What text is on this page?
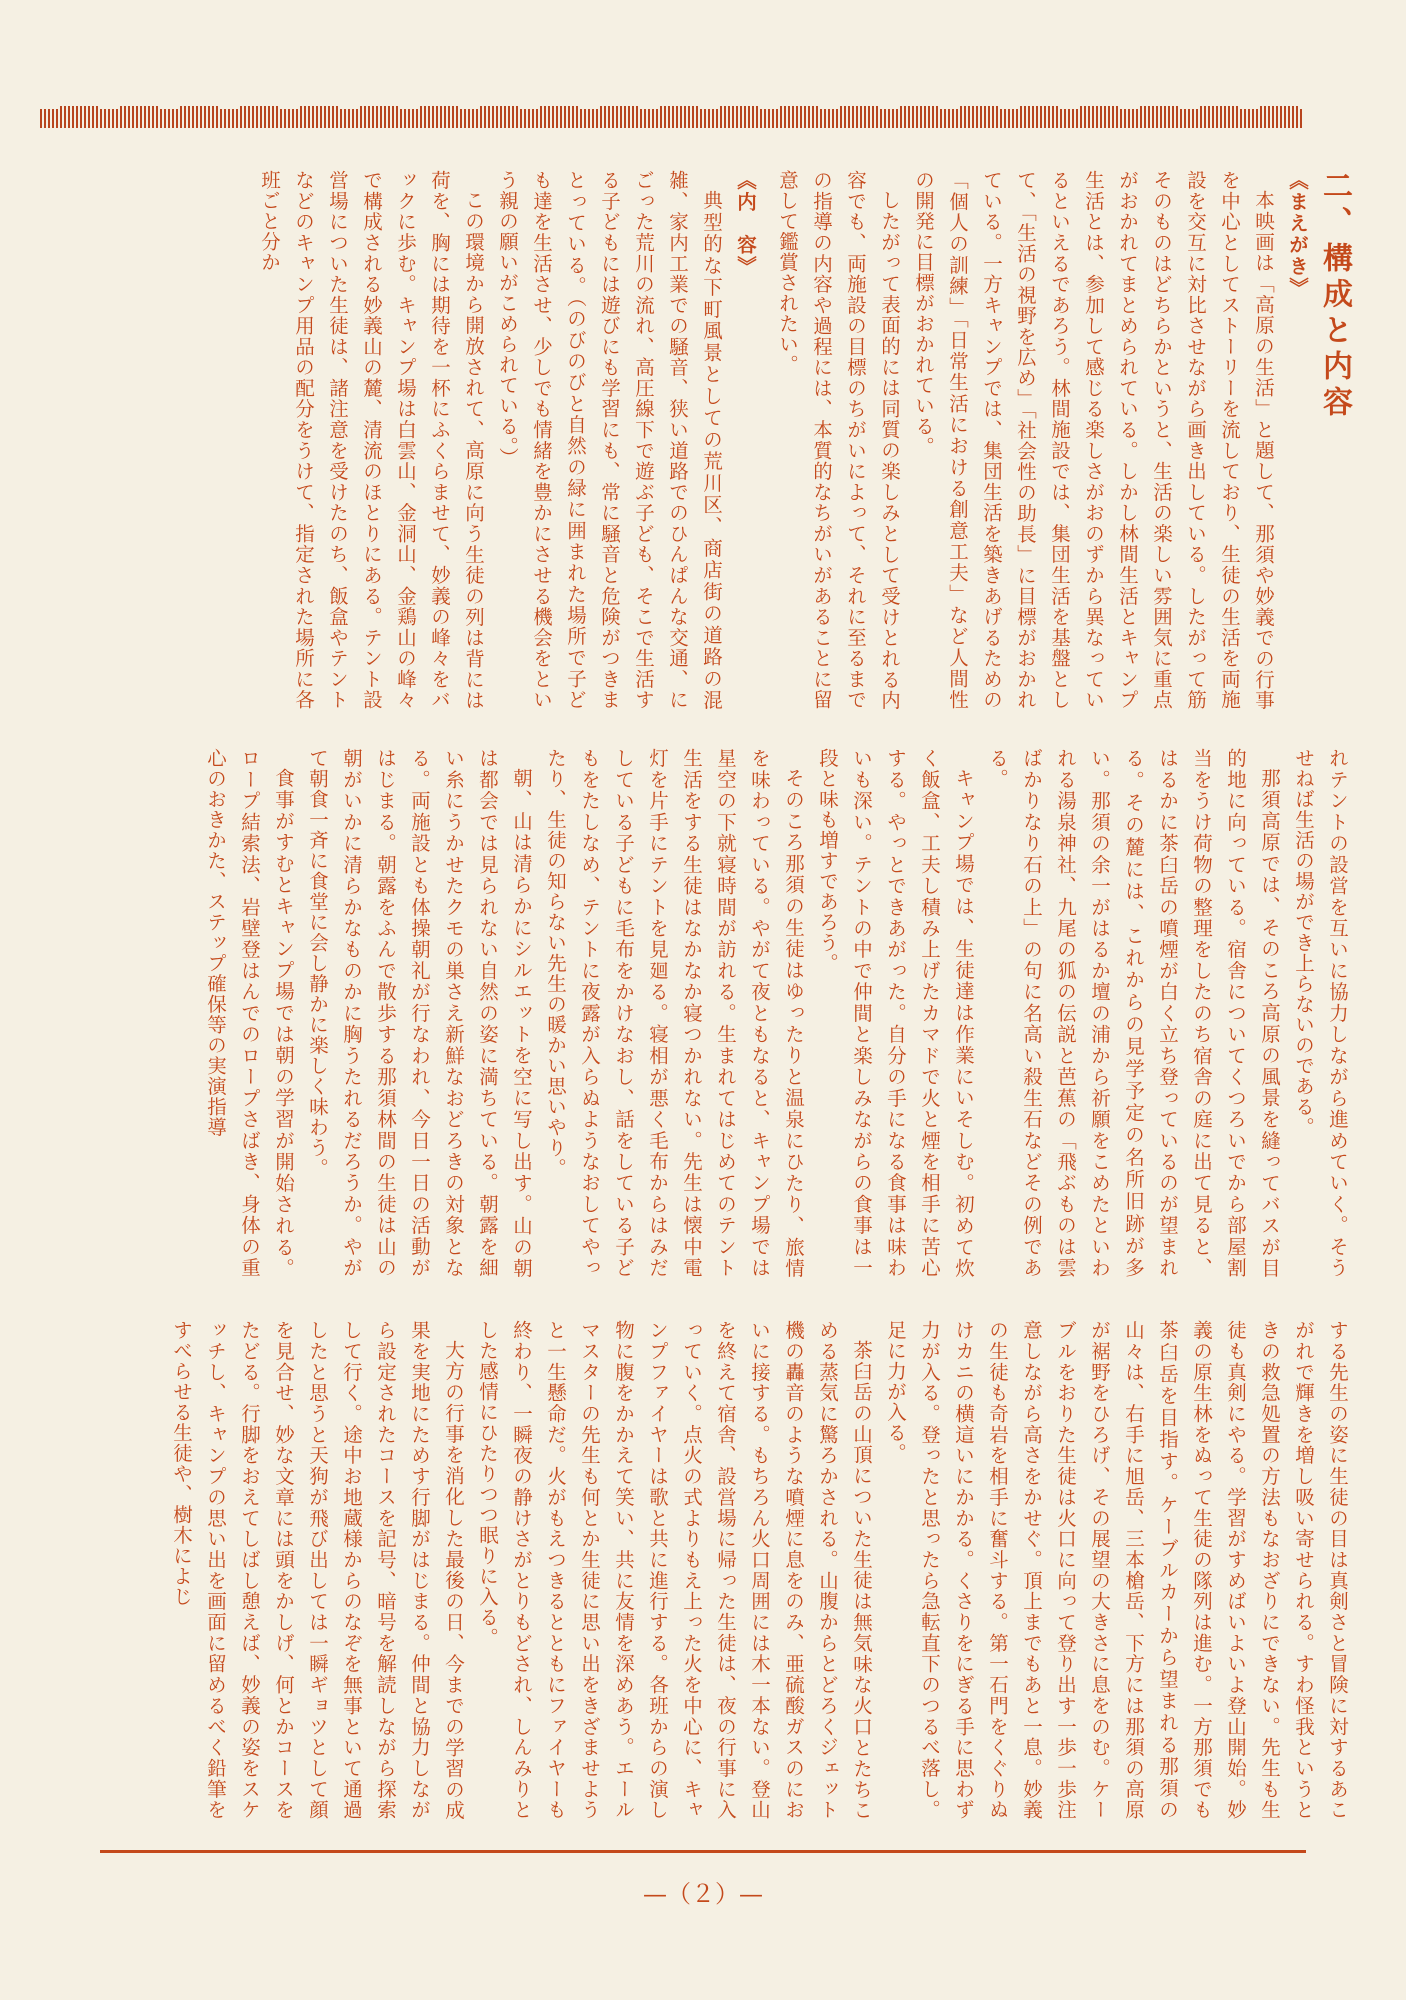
二、構成と内容

《まえがき》

本映画は「高原の生活」と題して、那須や妙義での行事を中心としてストーリーを流しており、生徒の生活を両施設を交互に対比させながら画き出している。したがって筋そのものはどちらかというと、生活の楽しい雰囲気に重点がおかれてまとめられている。しかし林間生活とキャンプ生活とは、参加して感じる楽しさがおのずから異なっているといえるであろう。林間施設では、集団生活を基盤として、「生活の視野を広め」「社会性の助長」に目標がおかれている。一方キャンプでは、集団生活を築きあげるための「個人の訓練」「日常生活における創意工夫」など人間性の開発に目標がおかれている。

したがって表面的には同質の楽しみとして受けとれる内容でも、両施設の目標のちがいによって、それに至るまでの指導の内容や過程には、本質的なちがいがあることに留意して鑑賞されたい。

《内　容》

典型的な下町風景としての荒川区、商店街の道路の混雑、家内工業での騒音、狭い道路でのひんぱんな交通、にごった荒川の流れ、高圧線下で遊ぶ子ども、そこで生活する子どもには遊びにも学習にも、常に騒音と危険がつきまとっている。（のびのびと自然の緑に囲まれた場所で子ども達を生活させ、少しでも情緒を豊かにさせる機会をという親の願いがこめられている。）

この環境から開放されて、高原に向う生徒の列は背には荷を、胸には期待を一杯にふくらませて、妙義の峰々をバックに歩む。キャンプ場は白雲山、金洞山、金鶏山の峰々で構成される妙義山の麓、清流のほとりにある。テント設営場についた生徒は、諸注意を受けたのち、飯盒やテントなどのキャンプ用品の配分をうけて、指定された場所に各班ごと分か

れテントの設営を互いに協力しながら進めていく。そうせねば生活の場ができ上らないのである。

那須高原では、そのころ高原の風景を縫ってバスが目的地に向っている。宿舎についてくつろいでから部屋割当をうけ荷物の整理をしたのち宿舎の庭に出て見ると、はるかに茶臼岳の噴煙が白く立ち登っているのが望まれる。その麓には、これからの見学予定の名所旧跡が多い。那須の余一がはるか壇の浦から祈願をこめたといわれる湯泉神社、九尾の狐の伝説と芭蕉の「飛ぶものは雲ばかりなり石の上」の句に名高い殺生石などその例である。

キャンプ場では、生徒達は作業にいそしむ。初めて炊く飯盒、工夫し積み上げたカマドで火と煙を相手に苦心する。やっとできあがった。自分の手になる食事は味わいも深い。テントの中で仲間と楽しみながらの食事は一段と味も増すであろう。

そのころ那須の生徒はゆったりと温泉にひたり、旅情を味わっている。やがて夜ともなると、キャンプ場では星空の下就寝時間が訪れる。生まれてはじめてのテント生活をする生徒はなかなか寝つかれない。先生は懐中電灯を片手にテントを見廻る。寝相が悪く毛布からはみだしている子どもに毛布をかけなおし、話をしている子どもをたしなめ、テントに夜露が入らぬようなおしてやったり、生徒の知らない先生の暖かい思いやり。

朝、山は清らかにシルエットを空に写し出す。山の朝は都会では見られない自然の姿に満ちている。朝露を細い糸にうかせたクモの巣さえ新鮮なおどろきの対象となる。両施設とも体操朝礼が行なわれ、今日一日の活動がはじまる。朝露をふんで散歩する那須林間の生徒は山の朝がいかに清らかなものかに胸うたれるだろうか。やがて朝食一斉に食堂に会し静かに楽しく味わう。

食事がすむとキャンプ場では朝の学習が開始される。ロープ結索法、岩壁登はんでのロープさばき、身体の重心のおきかた、ステップ確保等の実演指導

する先生の姿に生徒の目は真剣さと冒険に対するあこがれで輝きを増し吸い寄せられる。すわ怪我というときの救急処置の方法もなおざりにできない。先生も生徒も真剣にやる。学習がすめばいよいよ登山開始。妙義の原生林をぬって生徒の隊列は進む。一方那須でも茶臼岳を目指す。ケーブルカーから望まれる那須の山々は、右手に旭岳、三本槍岳、下方には那須の高原が裾野をひろげ、その展望の大きさに息をのむ。ケーブルをおりた生徒は火口に向って登り出す一歩一歩注意しながら高さをかせぐ。頂上までもあと一息。妙義の生徒も奇岩を相手に奮斗する。第一石門をくぐりぬけカニの横這いにかかる。くさりをにぎる手に思わず力が入る。登ったと思ったら急転直下のつるべ落し。足に力が入る。

茶臼岳の山頂についた生徒は無気味な火口とたちこめる蒸気に驚ろかされる。山腹からとどろくジェット機の轟音のような噴煙に息をのみ、亜硫酸ガスのにおいに接する。もちろん火口周囲には木一本ない。登山を終えて宿舎、設営場に帰った生徒は、夜の行事に入っていく。点火の式よりもえ上った火を中心に、キャンプファイヤーは歌と共に進行する。各班からの演し物に腹をかかえて笑い、共に友情を深めあう。エールマスターの先生も何とか生徒に思い出をきざませようと一生懸命だ。火がもえつきるとともにファイヤーも終わり、一瞬夜の静けさがとりもどされ、しんみりとした感情にひたりつつ眠りに入る。

大方の行事を消化した最後の日、今までの学習の成果を実地にためす行脚がはじまる。仲間と協力しながら設定されたコースを記号、暗号を解読しながら探索して行く。途中お地蔵様からのなぞを無事といて通過したと思うと天狗が飛び出しては一瞬ギョツとして顔を見合せ、妙な文章には頭をかしげ、何とかコースをたどる。行脚をおえてしばし憩えば、妙義の姿をスケッチし、キャンプの思い出を画面に留めるべく鉛筆をすべらせる生徒や、樹木によじ

—（２）—
